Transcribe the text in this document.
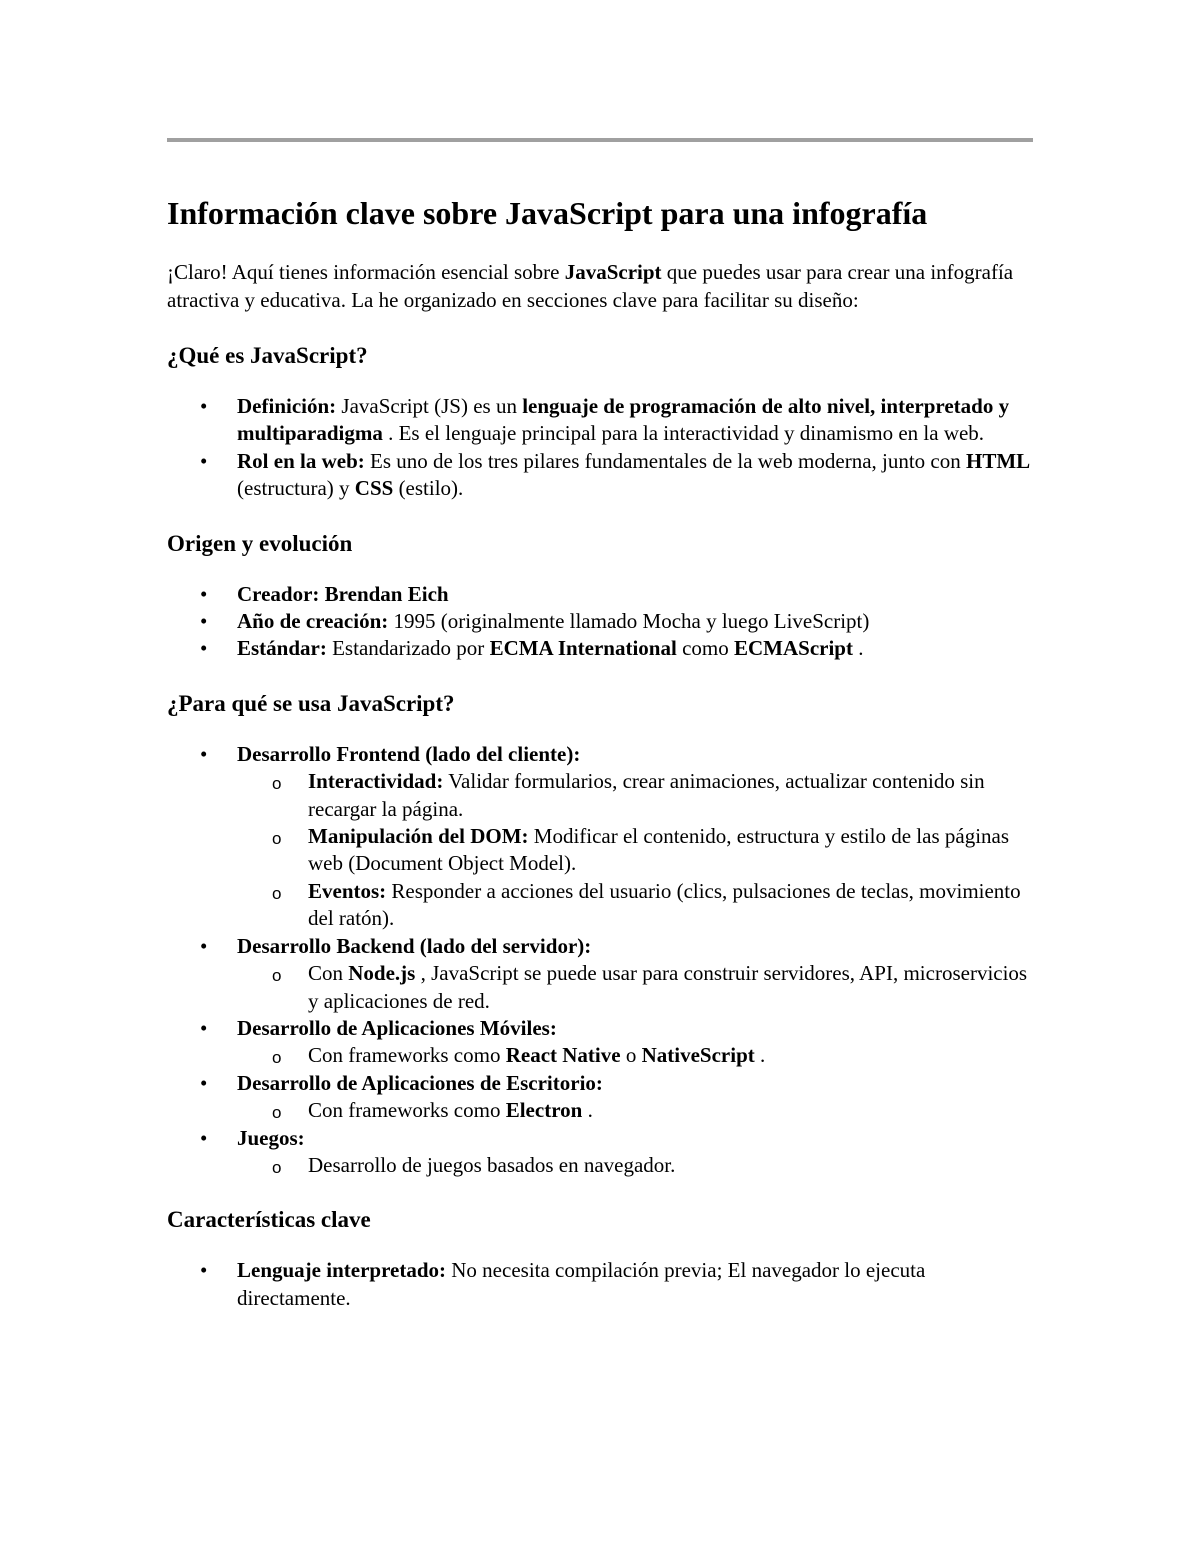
Información clave sobre JavaScript para una infografía

¡Claro! Aquí tienes información esencial sobre JavaScript que puedes usar para crear una infografía atractiva y educativa. La he organizado en secciones clave para facilitar su diseño:

¿Qué es JavaScript?
• Definición: JavaScript (JS) es un lenguaje de programación de alto nivel, interpretado y multiparadigma . Es el lenguaje principal para la interactividad y dinamismo en la web.
• Rol en la web: Es uno de los tres pilares fundamentales de la web moderna, junto con HTML (estructura) y CSS (estilo).
Origen y evolución
• Creador: Brendan Eich
• Año de creación: 1995 (originalmente llamado Mocha y luego LiveScript)
• Estándar: Estandarizado por ECMA International como ECMAScript .
¿Para qué se usa JavaScript?
• Desarrollo Frontend (lado del cliente):
o Interactividad: Validar formularios, crear animaciones, actualizar contenido sin recargar la página.
o Manipulación del DOM: Modificar el contenido, estructura y estilo de las páginas web (Document Object Model).
o Eventos: Responder a acciones del usuario (clics, pulsaciones de teclas, movimiento del ratón).
• Desarrollo Backend (lado del servidor):
o Con Node.js , JavaScript se puede usar para construir servidores, API, microservicios y aplicaciones de red.
• Desarrollo de Aplicaciones Móviles:
o Con frameworks como React Native o NativeScript .
• Desarrollo de Aplicaciones de Escritorio:
o Con frameworks como Electron .
• Juegos:
o Desarrollo de juegos basados en navegador.
Características clave
• Lenguaje interpretado: No necesita compilación previa; El navegador lo ejecuta directamente.
